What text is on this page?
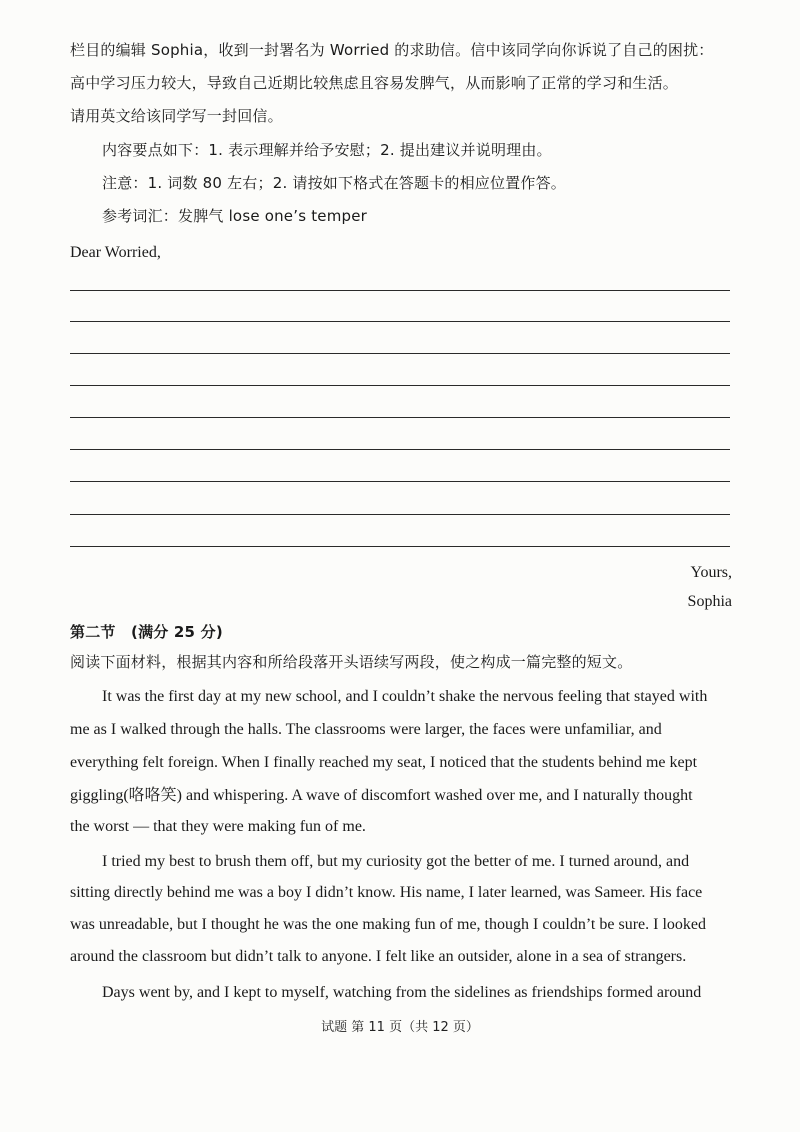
栏目的编辑 Sophia，收到一封署名为 Worried 的求助信。信中该同学向你诉说了自己的困扰：
高中学习压力较大，导致自己近期比较焦虑且容易发脾气，从而影响了正常的学习和生活。
请用英文给该同学写一封回信。
内容要点如下：1. 表示理解并给予安慰；2. 提出建议并说明理由。
注意：1. 词数 80 左右；2. 请按如下格式在答题卡的相应位置作答。
参考词汇：发脾气 lose one’s temper
Dear Worried,
Yours,
Sophia
第二节 (满分 25 分)
阅读下面材料，根据其内容和所给段落开头语续写两段，使之构成一篇完整的短文。
It was the first day at my new school, and I couldn’t shake the nervous feeling that stayed with
me as I walked through the halls. The classrooms were larger, the faces were unfamiliar, and
everything felt foreign. When I finally reached my seat, I noticed that the students behind me kept
giggling(咯咯笑) and whispering. A wave of discomfort washed over me, and I naturally thought
the worst — that they were making fun of me.
I tried my best to brush them off, but my curiosity got the better of me. I turned around, and
sitting directly behind me was a boy I didn’t know. His name, I later learned, was Sameer. His face
was unreadable, but I thought he was the one making fun of me, though I couldn’t be sure. I looked
around the classroom but didn’t talk to anyone. I felt like an outsider, alone in a sea of strangers.
Days went by, and I kept to myself, watching from the sidelines as friendships formed around
试题 第 11 页（共 12 页）
